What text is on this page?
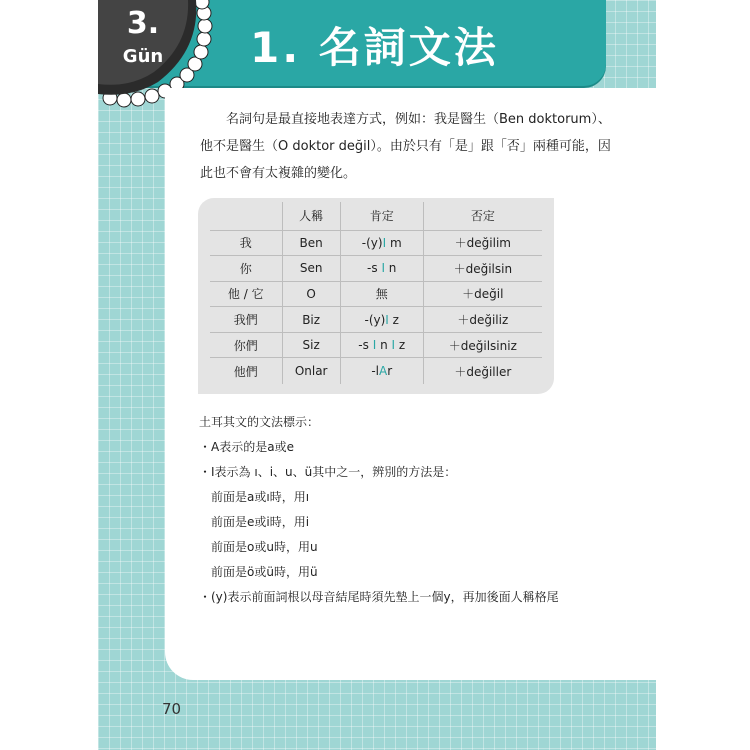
3.
Gün	1. 名詞文法

名詞句是最直接地表達方式，例如：我是醫生（Ben doktorum）、他不是醫生（O doktor değil）。由於只有「是」跟「否」兩種可能，因此也不會有太複雜的變化。

	人稱	肯定	否定
我	Ben	-(y)I m	＋değilim
你	Sen	-s I n	＋değilsin
他 / 它	O	無	＋değil
我們	Biz	-(y)I z	＋değiliz
你們	Siz	-s I n I z	＋değilsiniz
他們	Onlar	-lAr	＋değiller
土耳其文的文法標示：
・A表示的是a或e
・I表示為 ı、i、u、ü其中之一，辨別的方法是：
前面是a或ı時，用ı
前面是e或i時，用i
前面是o或u時，用u
前面是ö或ü時，用ü
・(y)表示前面詞根以母音結尾時須先墊上一個y，再加後面人稱格尾
70
